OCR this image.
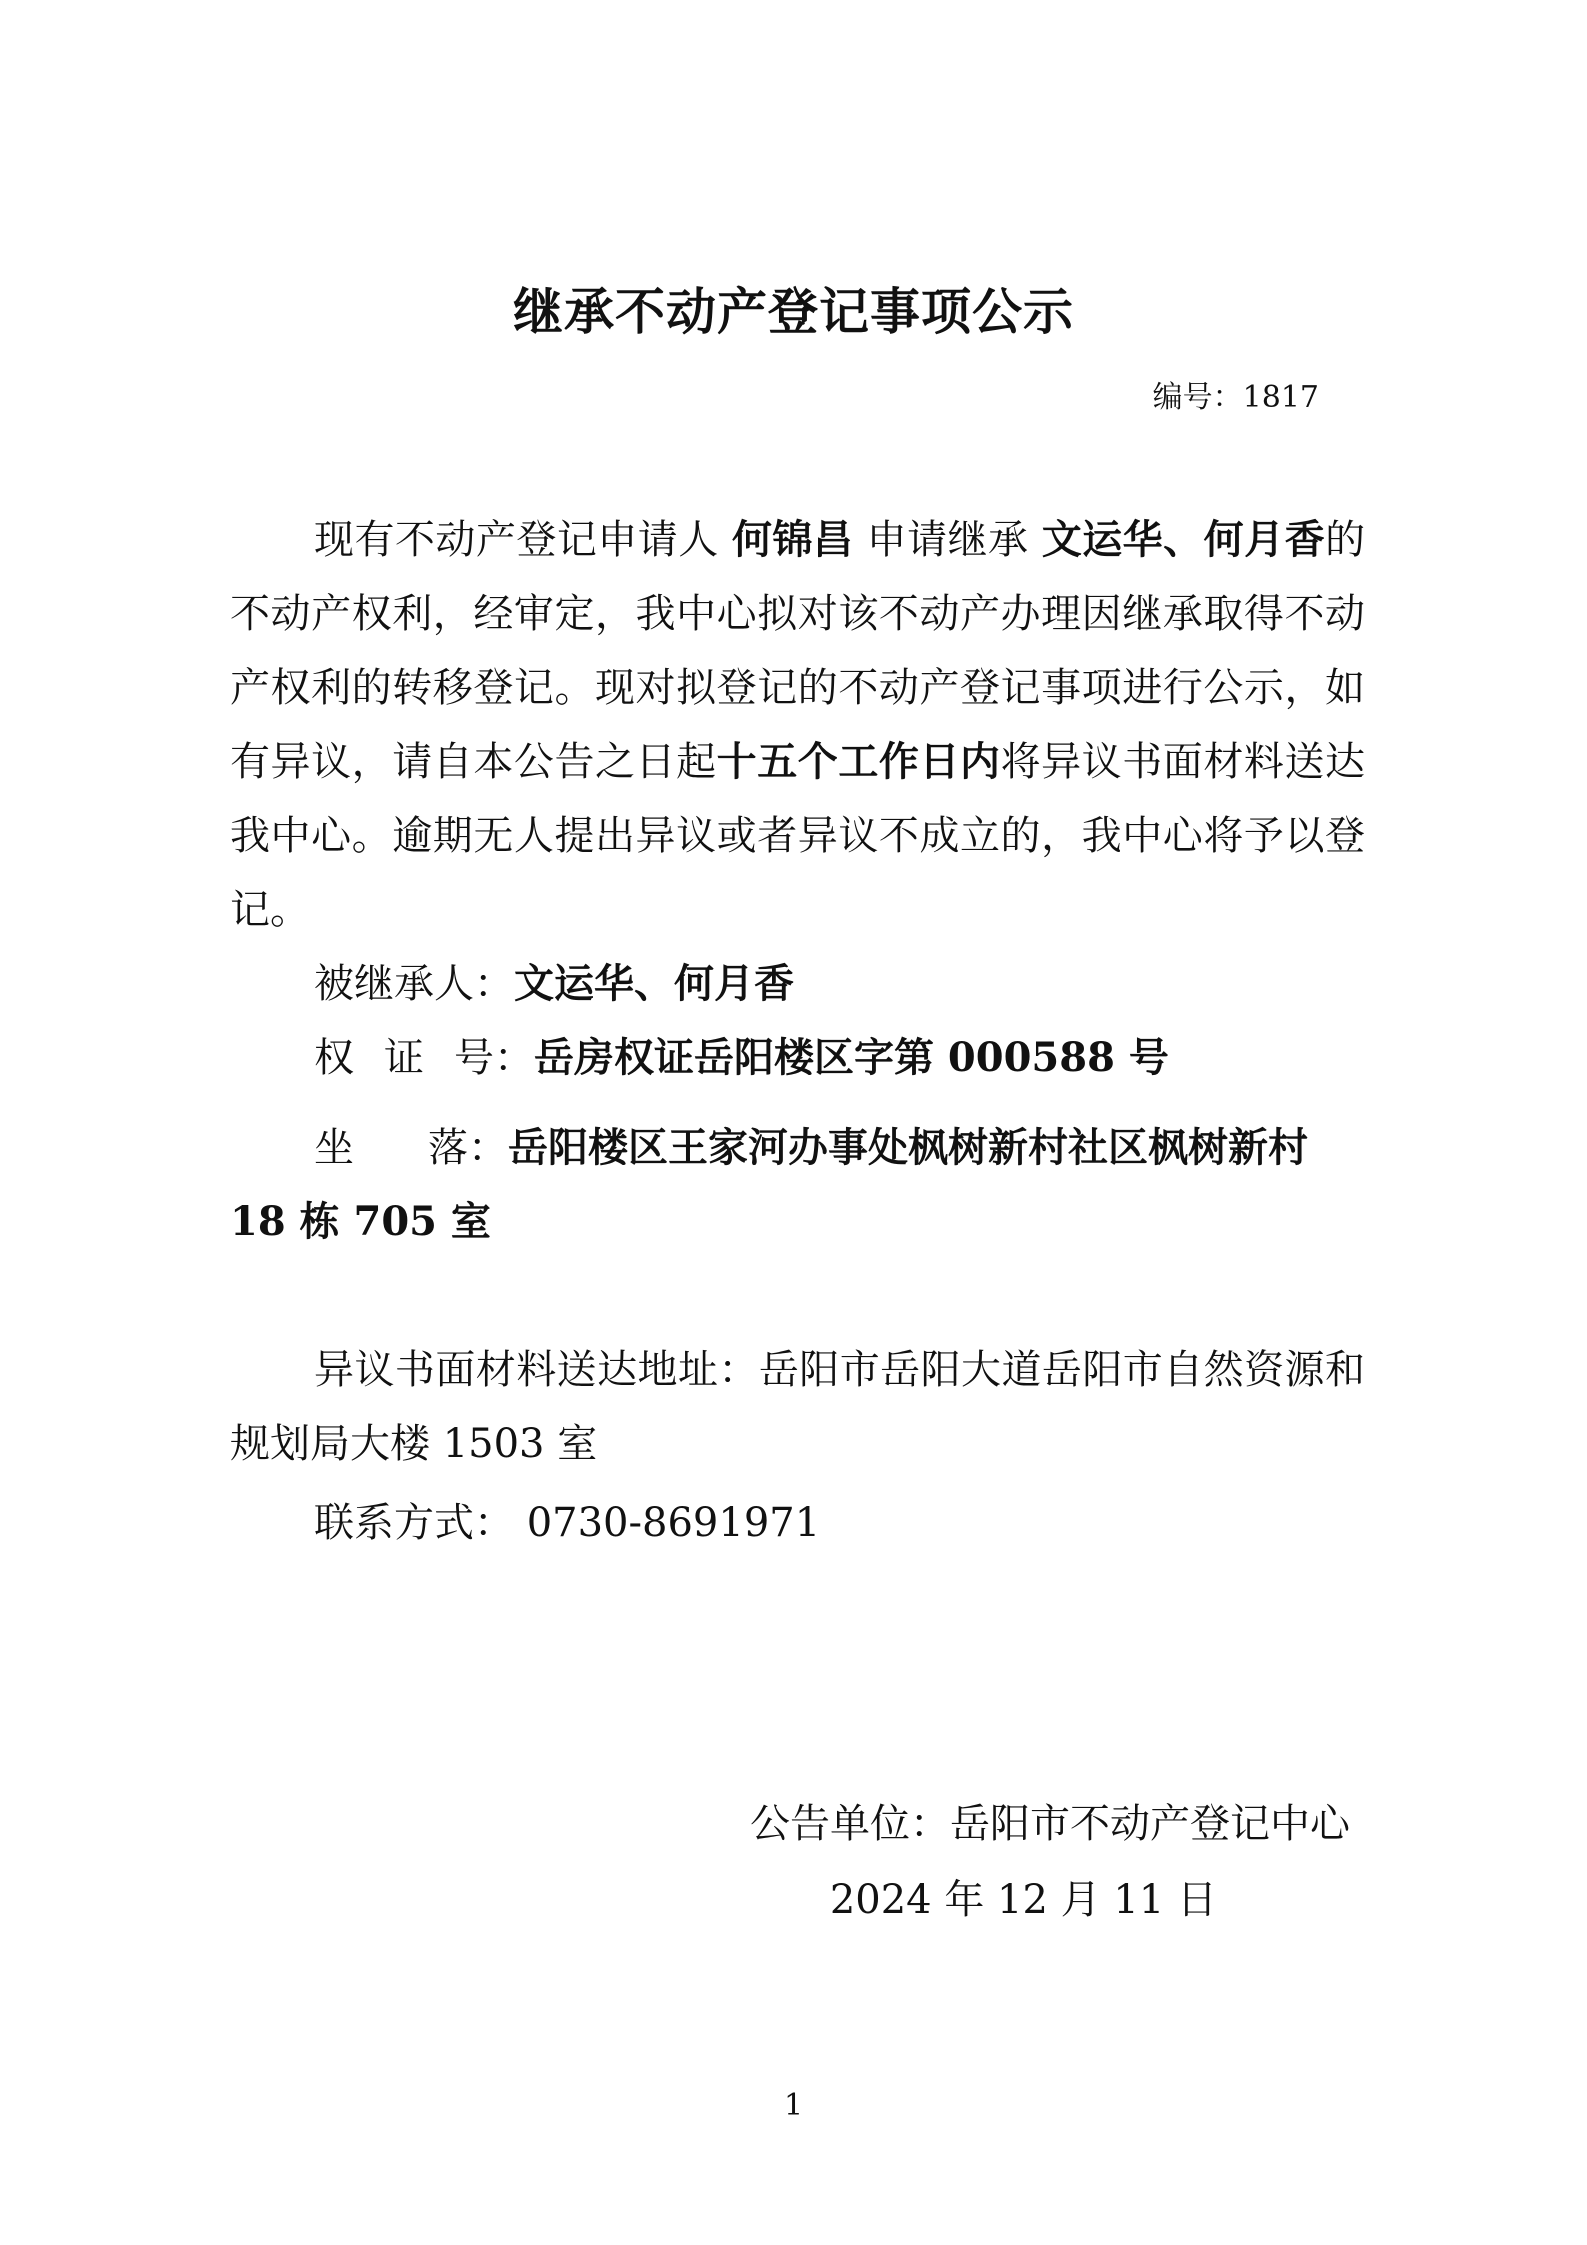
继承不动产登记事项公示
编号：1817

现有不动产登记申请人 何锦昌 申请继承 文运华、何月香的不动产权利，经审定，我中心拟对该不动产办理因继承取得不动产权利的转移登记。现对拟登记的不动产登记事项进行公示，如有异议，请自本公告之日起十五个工作日内将异议书面材料送达我中心。逾期无人提出异议或者异议不成立的，我中心将予以登记。

被继承人：文运华、何月香

权 证 号：岳房权证岳阳楼区字第 000588 号

坐 落：岳阳楼区王家河办事处枫树新村社区枫树新村 18 栋 705 室

异议书面材料送达地址：岳阳市岳阳大道岳阳市自然资源和规划局大楼 1503 室

联系方式： 0730-8691971

公告单位：岳阳市不动产登记中心
2024 年 12 月 11 日
1
